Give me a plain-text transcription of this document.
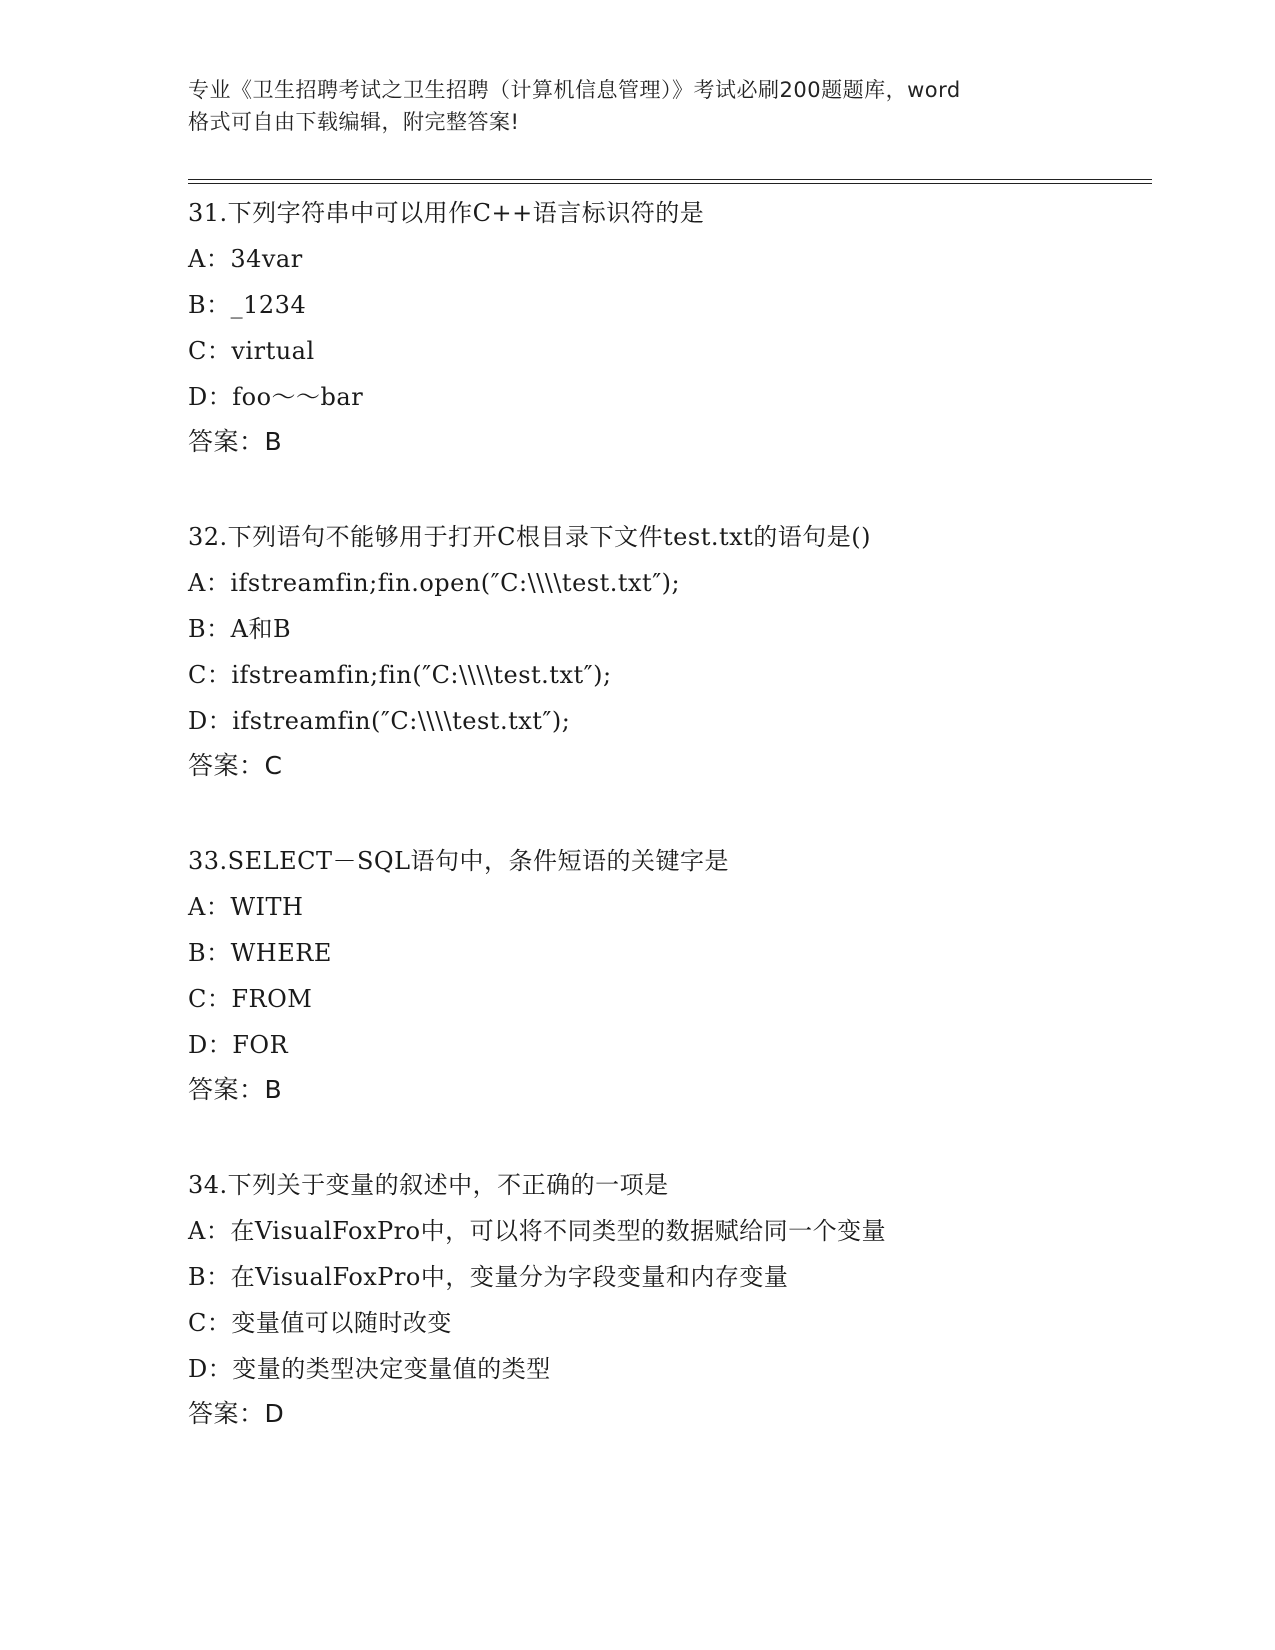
专业《卫生招聘考试之卫生招聘（计算机信息管理）》考试必刷200题题库，word
格式可自由下载编辑，附完整答案!
31.下列字符串中可以用作C++语言标识符的是
A：34var
B：_1234
C：virtual
D：foo～～bar
答案：B
32.下列语句不能够用于打开C根目录下文件test.txt的语句是()
A：ifstreamfin;fin.open(″C:\\\\test.txt″);
B：A和B
C：ifstreamfin;fin(″C:\\\\test.txt″);
D：ifstreamfin(″C:\\\\test.txt″);
答案：C
33.SELECT－SQL语句中，条件短语的关键字是
A：WITH
B：WHERE
C：FROM
D：FOR
答案：B
34.下列关于变量的叙述中，不正确的一项是
A：在VisualFoxPro中，可以将不同类型的数据赋给同一个变量
B：在VisualFoxPro中，变量分为字段变量和内存变量
C：变量值可以随时改变
D：变量的类型决定变量值的类型
答案：D
